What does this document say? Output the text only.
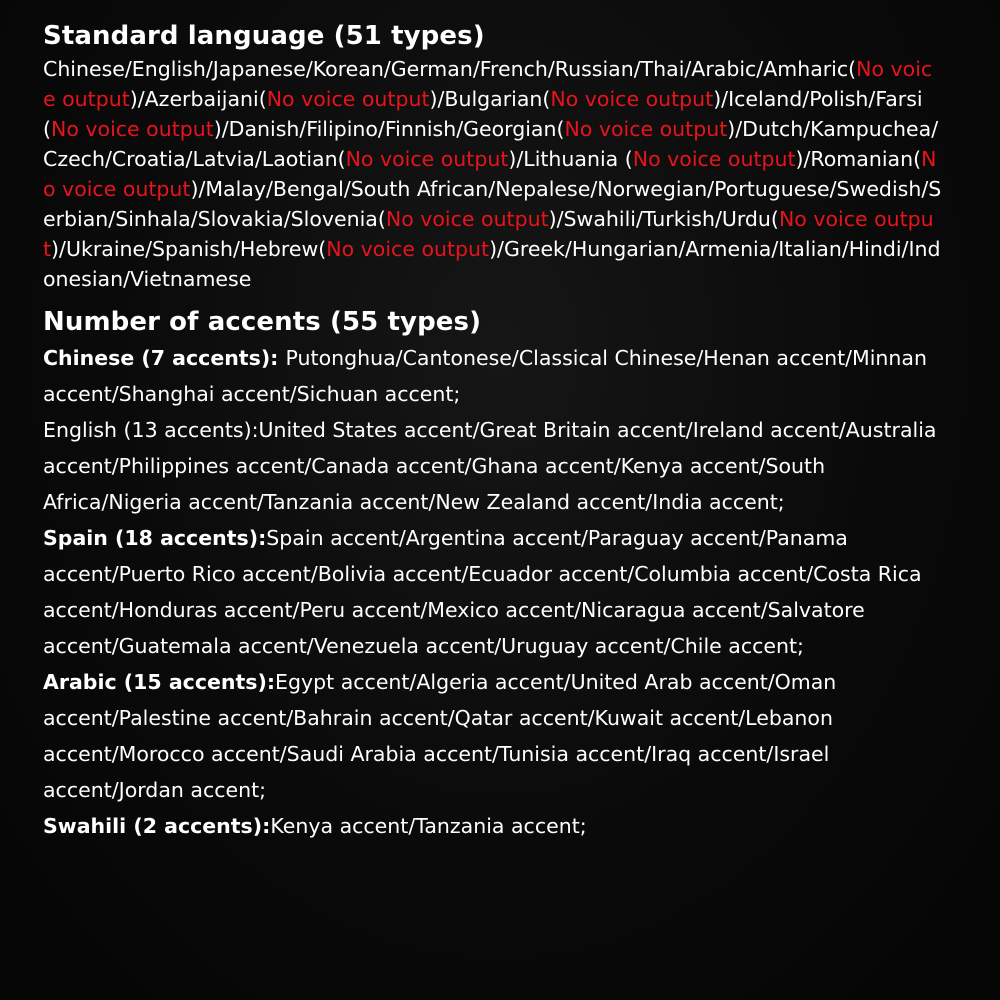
Standard language (51 types)

Chinese/English/Japanese/Korean/German/French/Russian/Thai/Arabic/Amharic(No voice output)/Azerbaijani(No voice output)/Bulgarian(No voice output)/Iceland/Polish/Farsi(No voice output)/Danish/Filipino/Finnish/Georgian(No voice output)/Dutch/Kampuchea/Czech/Croatia/Latvia/Laotian(No voice output)/Lithuania (No voice output)/Romanian(No voice output)/Malay/Bengal/South African/Nepalese/Norwegian/Portuguese/Swedish/Serbian/Sinhala/Slovakia/Slovenia(No voice output)/Swahili/Turkish/Urdu(No voice output)/Ukraine/Spanish/Hebrew(No voice output)/Greek/Hungarian/Armenia/Italian/Hindi/Indonesian/Vietnamese

Number of accents (55 types)

Chinese (7 accents): Putonghua/Cantonese/Classical Chinese/Henan accent/Minnan accent/Shanghai accent/Sichuan accent;

English (13 accents):United States accent/Great Britain accent/Ireland accent/Australia accent/Philippines accent/Canada accent/Ghana accent/Kenya accent/South Africa/Nigeria accent/Tanzania accent/New Zealand accent/India accent;

Spain (18 accents):Spain accent/Argentina accent/Paraguay accent/Panama accent/Puerto Rico accent/Bolivia accent/Ecuador accent/Columbia accent/Costa Rica accent/Honduras accent/Peru accent/Mexico accent/Nicaragua accent/Salvatore accent/Guatemala accent/Venezuela accent/Uruguay accent/Chile accent;

Arabic (15 accents):Egypt accent/Algeria accent/United Arab accent/Oman accent/Palestine accent/Bahrain accent/Qatar accent/Kuwait accent/Lebanon accent/Morocco accent/Saudi Arabia accent/Tunisia accent/Iraq accent/Israel accent/Jordan accent;

Swahili (2 accents):Kenya accent/Tanzania accent;
